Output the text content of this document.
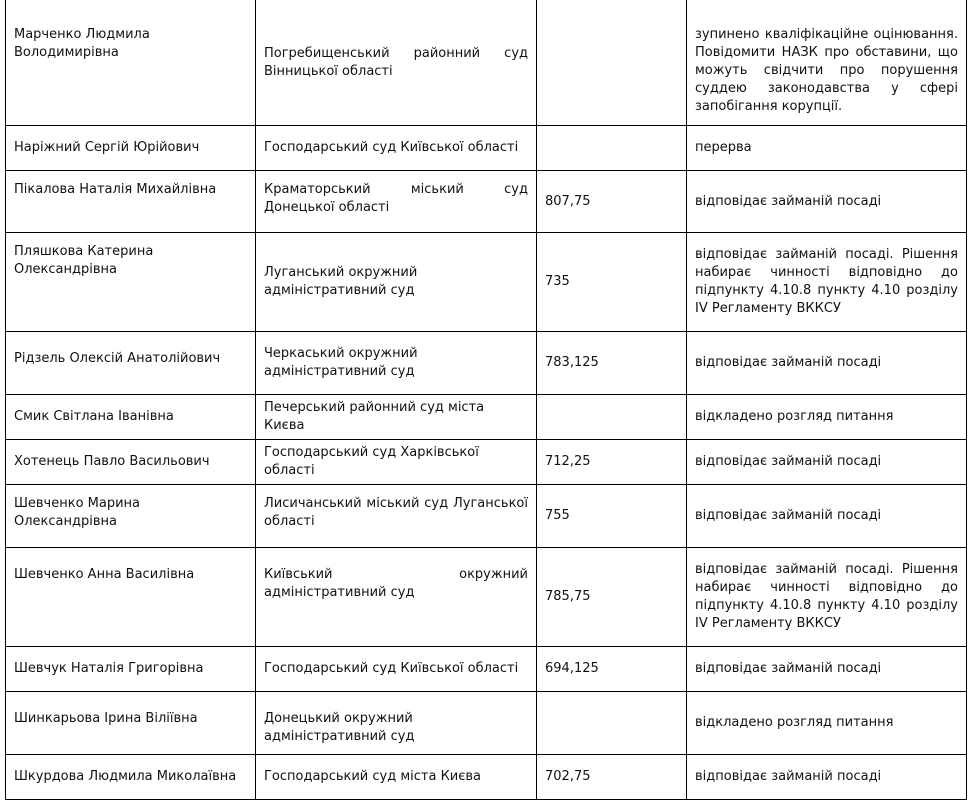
Марченко Людмила Володимирівна	Погребищенський районний суд Вінницької області		зупинено кваліфікаційне оцінювання. Повідомити НАЗК про обставини, що можуть свідчити про порушення суддею законодавства у сфері запобігання корупції.
Наріжний Сергій Юрійович	Господарський суд Київської області		перерва
Пікалова Наталія Михайлівна	Краматорський міський суд Донецької області	807,75	відповідає займаній посаді
Пляшкова Катерина Олександрівна	Луганський окружний адміністративний суд	735	відповідає займаній посаді. Рішення набирає чинності відповідно до підпункту 4.10.8 пункту 4.10 розділу IV Регламенту ВККСУ
Рідзель Олексій Анатолійович	Черкаський окружний адміністративний суд	783,125	відповідає займаній посаді
Смик Світлана Іванівна	Печерський районний суд міста Києва		відкладено розгляд питання
Хотенець Павло Васильович	Господарський суд Харківської області	712,25	відповідає займаній посаді
Шевченко Марина Олександрівна	Лисичанський міський суд Луганської області	755	відповідає займаній посаді
Шевченко Анна Василівна	Київський окружний адміністративний суд	785,75	відповідає займаній посаді. Рішення набирає чинності відповідно до підпункту 4.10.8 пункту 4.10 розділу IV Регламенту ВККСУ
Шевчук Наталія Григорівна	Господарський суд Київської області	694,125	відповідає займаній посаді
Шинкарьова Ірина Віліївна	Донецький окружний адміністративний суд		відкладено розгляд питання
Шкурдова Людмила Миколаївна	Господарський суд міста Києва	702,75	відповідає займаній посаді
